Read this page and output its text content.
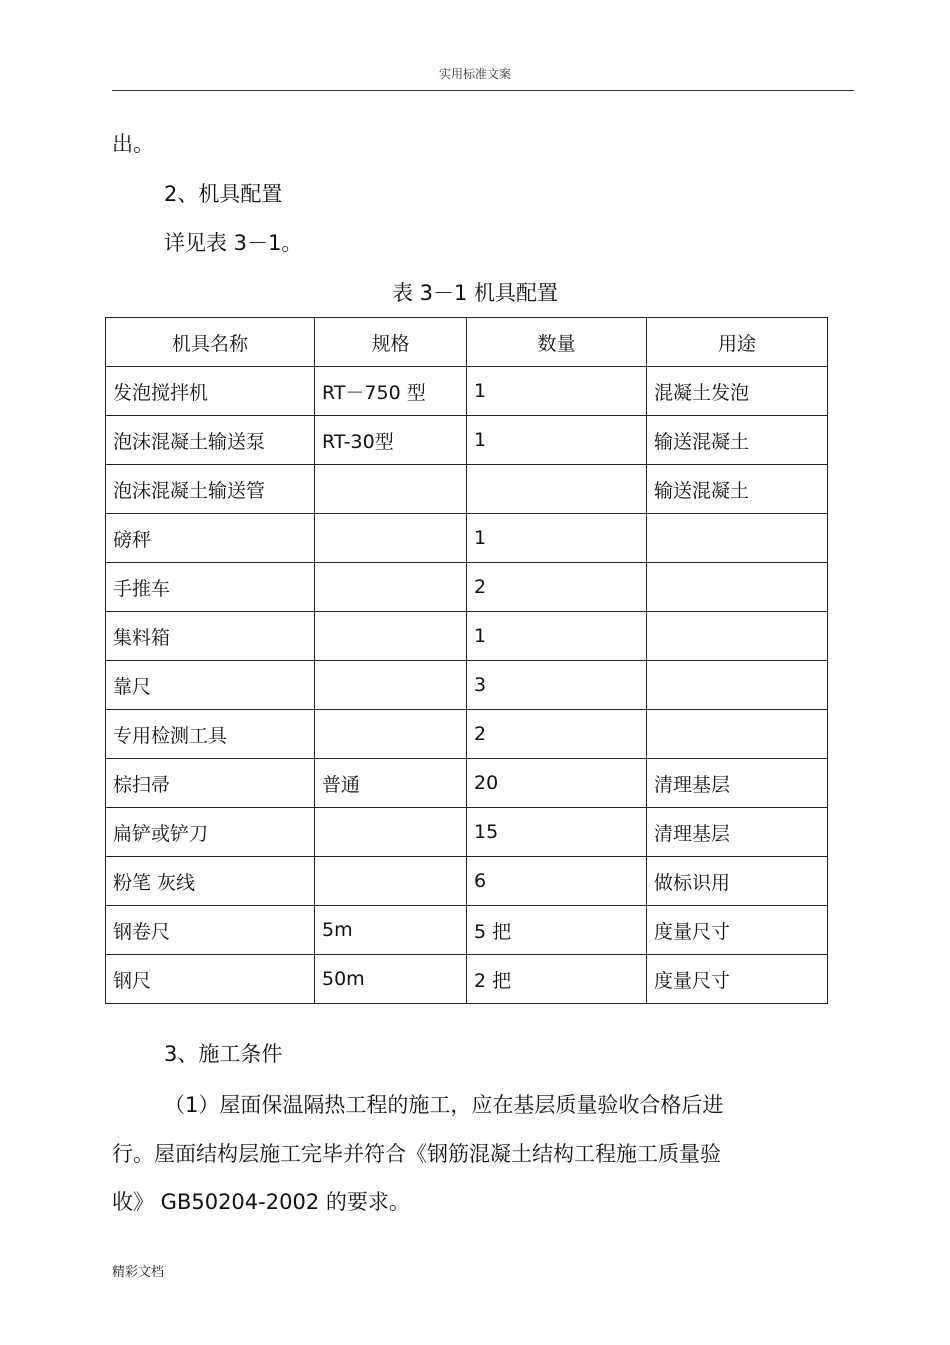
实用标准文案
出。
2、机具配置
详见表 3－1。
表 3－1 机具配置
机具名称	规格	数量	用途
发泡搅拌机	RT－750 型	1	混凝土发泡
泡沫混凝土输送泵	RT-30型	1	输送混凝土
泡沫混凝土输送管			输送混凝土
磅秤		1	
手推车		2	
集料箱		1	
靠尺		3	
专用检测工具		2	
棕扫帚	普通	20	清理基层
扁铲或铲刀		15	清理基层
粉笔 灰线		6	做标识用
钢卷尺	5m	5 把	度量尺寸
钢尺	50m	2 把	度量尺寸
3、施工条件
（1）屋面保温隔热工程的施工，应在基层质量验收合格后进
行。屋面结构层施工完毕并符合《钢筋混凝土结构工程施工质量验
收》 GB50204-2002 的要求。
精彩文档
